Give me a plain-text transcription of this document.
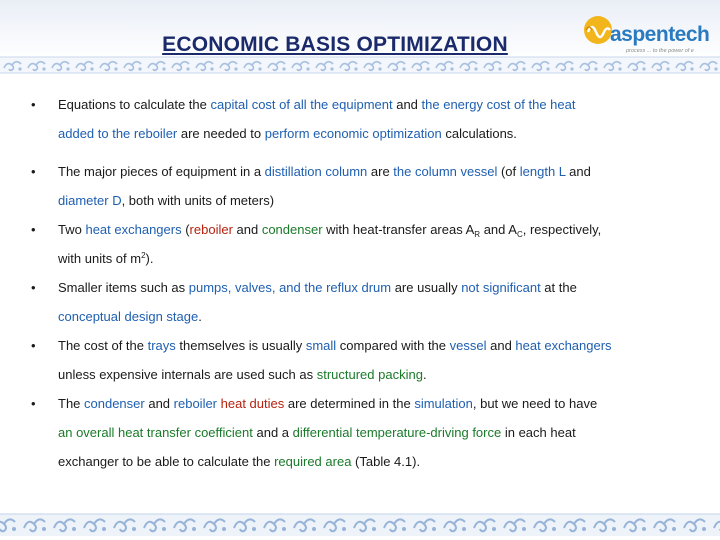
ECONOMIC BASIS OPTIMIZATION	aspentech
process ... to the power of e
• Equations to calculate the capital cost of all the equipment and the energy cost of the heat
added to the reboiler are needed to perform economic optimization calculations.
• The major pieces of equipment in a distillation column are the column vessel (of length L and
diameter D, both with units of meters)
• Two heat exchangers (reboiler and condenser with heat-transfer areas $A_R$ and $A_C$, respectively,
with units of $m^2$).
• Smaller items such as pumps, valves, and the reflux drum are usually not significant at the
conceptual design stage.
• The cost of the trays themselves is usually small compared with the vessel and heat exchangers
unless expensive internals are used such as structured packing.
• The condenser and reboiler heat duties are determined in the simulation, but we need to have
an overall heat transfer coefficient and a differential temperature-driving force in each heat
exchanger to be able to calculate the required area (Table 4.1).
